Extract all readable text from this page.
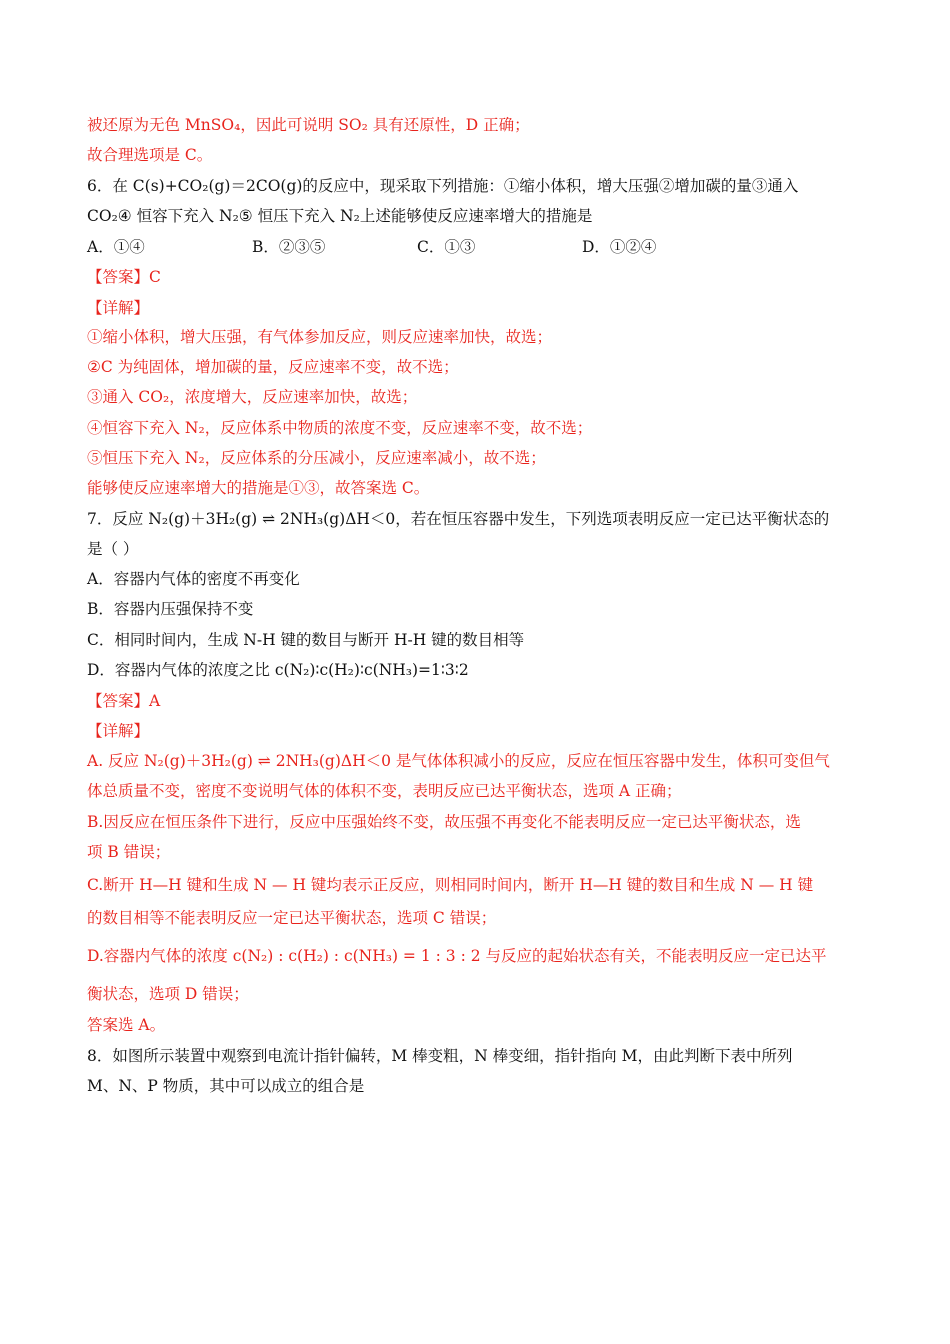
被还原为无色 MnSO₄，因此可说明 SO₂ 具有还原性，D 正确；
故合理选项是 C。
6．在 C(s)+CO₂(g)＝2CO(g)的反应中，现采取下列措施：①缩小体积，增大压强②增加碳的量③通入
CO₂④ 恒容下充入 N₂⑤ 恒压下充入 N₂上述能够使反应速率增大的措施是
A．①④	B．②③⑤	C．①③	D．①②④
【答案】C
【详解】
①缩小体积，增大压强，有气体参加反应，则反应速率加快，故选；
②C 为纯固体，增加碳的量，反应速率不变，故不选；
③通入 CO₂，浓度增大，反应速率加快，故选；
④恒容下充入 N₂，反应体系中物质的浓度不变，反应速率不变，故不选；
⑤恒压下充入 N₂，反应体系的分压减小，反应速率减小，故不选；
能够使反应速率增大的措施是①③，故答案选 C。
7．反应 N₂(g)＋3H₂(g) ⇌ 2NH₃(g)ΔH＜0，若在恒压容器中发生，下列选项表明反应一定已达平衡状态的
是（ ）
A．容器内气体的密度不再变化
B．容器内压强保持不变
C．相同时间内，生成 N-H 键的数目与断开 H-H 键的数目相等
D．容器内气体的浓度之比 c(N₂)∶c(H₂)∶c(NH₃)=1∶3∶2
【答案】A
【详解】
A. 反应 N₂(g)＋3H₂(g) ⇌ 2NH₃(g)ΔH＜0 是气体体积减小的反应，反应在恒压容器中发生，体积可变但气
体总质量不变，密度不变说明气体的体积不变，表明反应已达平衡状态，选项 A 正确；
B.因反应在恒压条件下进行，反应中压强始终不变，故压强不再变化不能表明反应一定已达平衡状态，选
项 B 错误；
C.断开 H—H 键和生成 N — H 键均表示正反应，则相同时间内，断开 H—H 键的数目和生成 N — H 键
的数目相等不能表明反应一定已达平衡状态，选项 C 错误；
D.容器内气体的浓度 c(N₂) : c(H₂) : c(NH₃) = 1 : 3 : 2 与反应的起始状态有关，不能表明反应一定已达平
衡状态，选项 D 错误；
答案选 A。
8．如图所示装置中观察到电流计指针偏转，M 棒变粗，N 棒变细，指针指向 M，由此判断下表中所列
M、N、P 物质，其中可以成立的组合是
